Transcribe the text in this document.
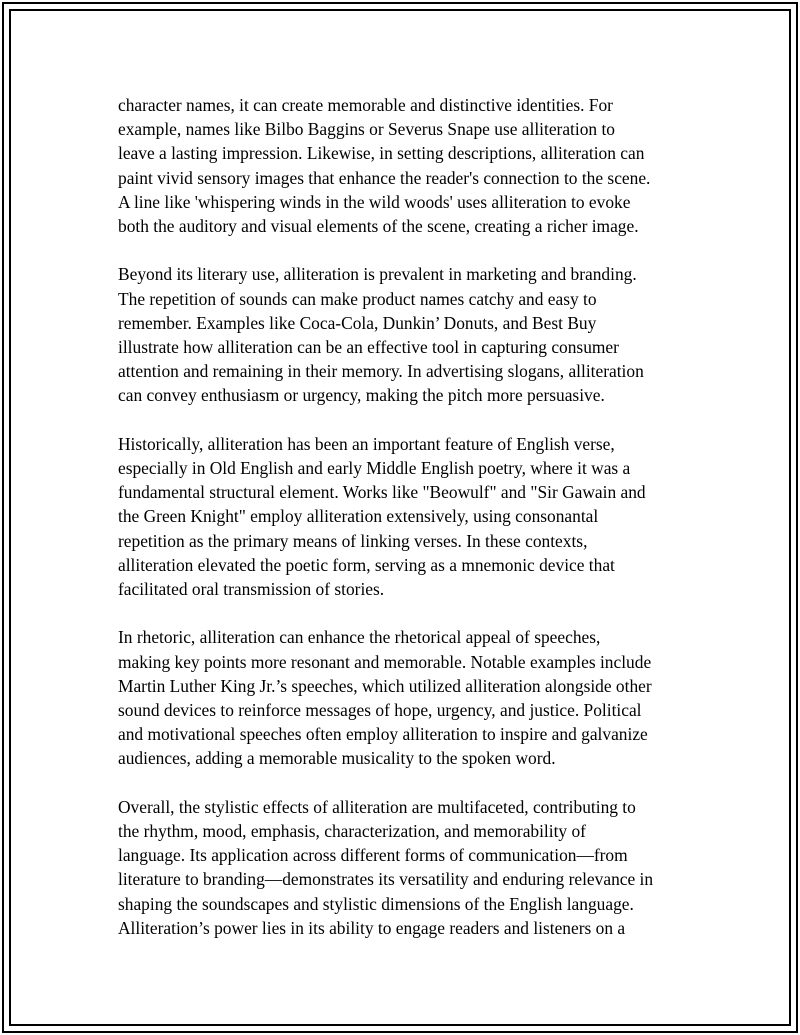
character names, it can create memorable and distinctive identities. For
example, names like Bilbo Baggins or Severus Snape use alliteration to
leave a lasting impression. Likewise, in setting descriptions, alliteration can
paint vivid sensory images that enhance the reader's connection to the scene.
A line like 'whispering winds in the wild woods' uses alliteration to evoke
both the auditory and visual elements of the scene, creating a richer image.

Beyond its literary use, alliteration is prevalent in marketing and branding.
The repetition of sounds can make product names catchy and easy to
remember. Examples like Coca-Cola, Dunkin’ Donuts, and Best Buy
illustrate how alliteration can be an effective tool in capturing consumer
attention and remaining in their memory. In advertising slogans, alliteration
can convey enthusiasm or urgency, making the pitch more persuasive.

Historically, alliteration has been an important feature of English verse,
especially in Old English and early Middle English poetry, where it was a
fundamental structural element. Works like "Beowulf" and "Sir Gawain and
the Green Knight" employ alliteration extensively, using consonantal
repetition as the primary means of linking verses. In these contexts,
alliteration elevated the poetic form, serving as a mnemonic device that
facilitated oral transmission of stories.

In rhetoric, alliteration can enhance the rhetorical appeal of speeches,
making key points more resonant and memorable. Notable examples include
Martin Luther King Jr.’s speeches, which utilized alliteration alongside other
sound devices to reinforce messages of hope, urgency, and justice. Political
and motivational speeches often employ alliteration to inspire and galvanize
audiences, adding a memorable musicality to the spoken word.

Overall, the stylistic effects of alliteration are multifaceted, contributing to
the rhythm, mood, emphasis, characterization, and memorability of
language. Its application across different forms of communication—from
literature to branding—demonstrates its versatility and enduring relevance in
shaping the soundscapes and stylistic dimensions of the English language.
Alliteration’s power lies in its ability to engage readers and listeners on a
